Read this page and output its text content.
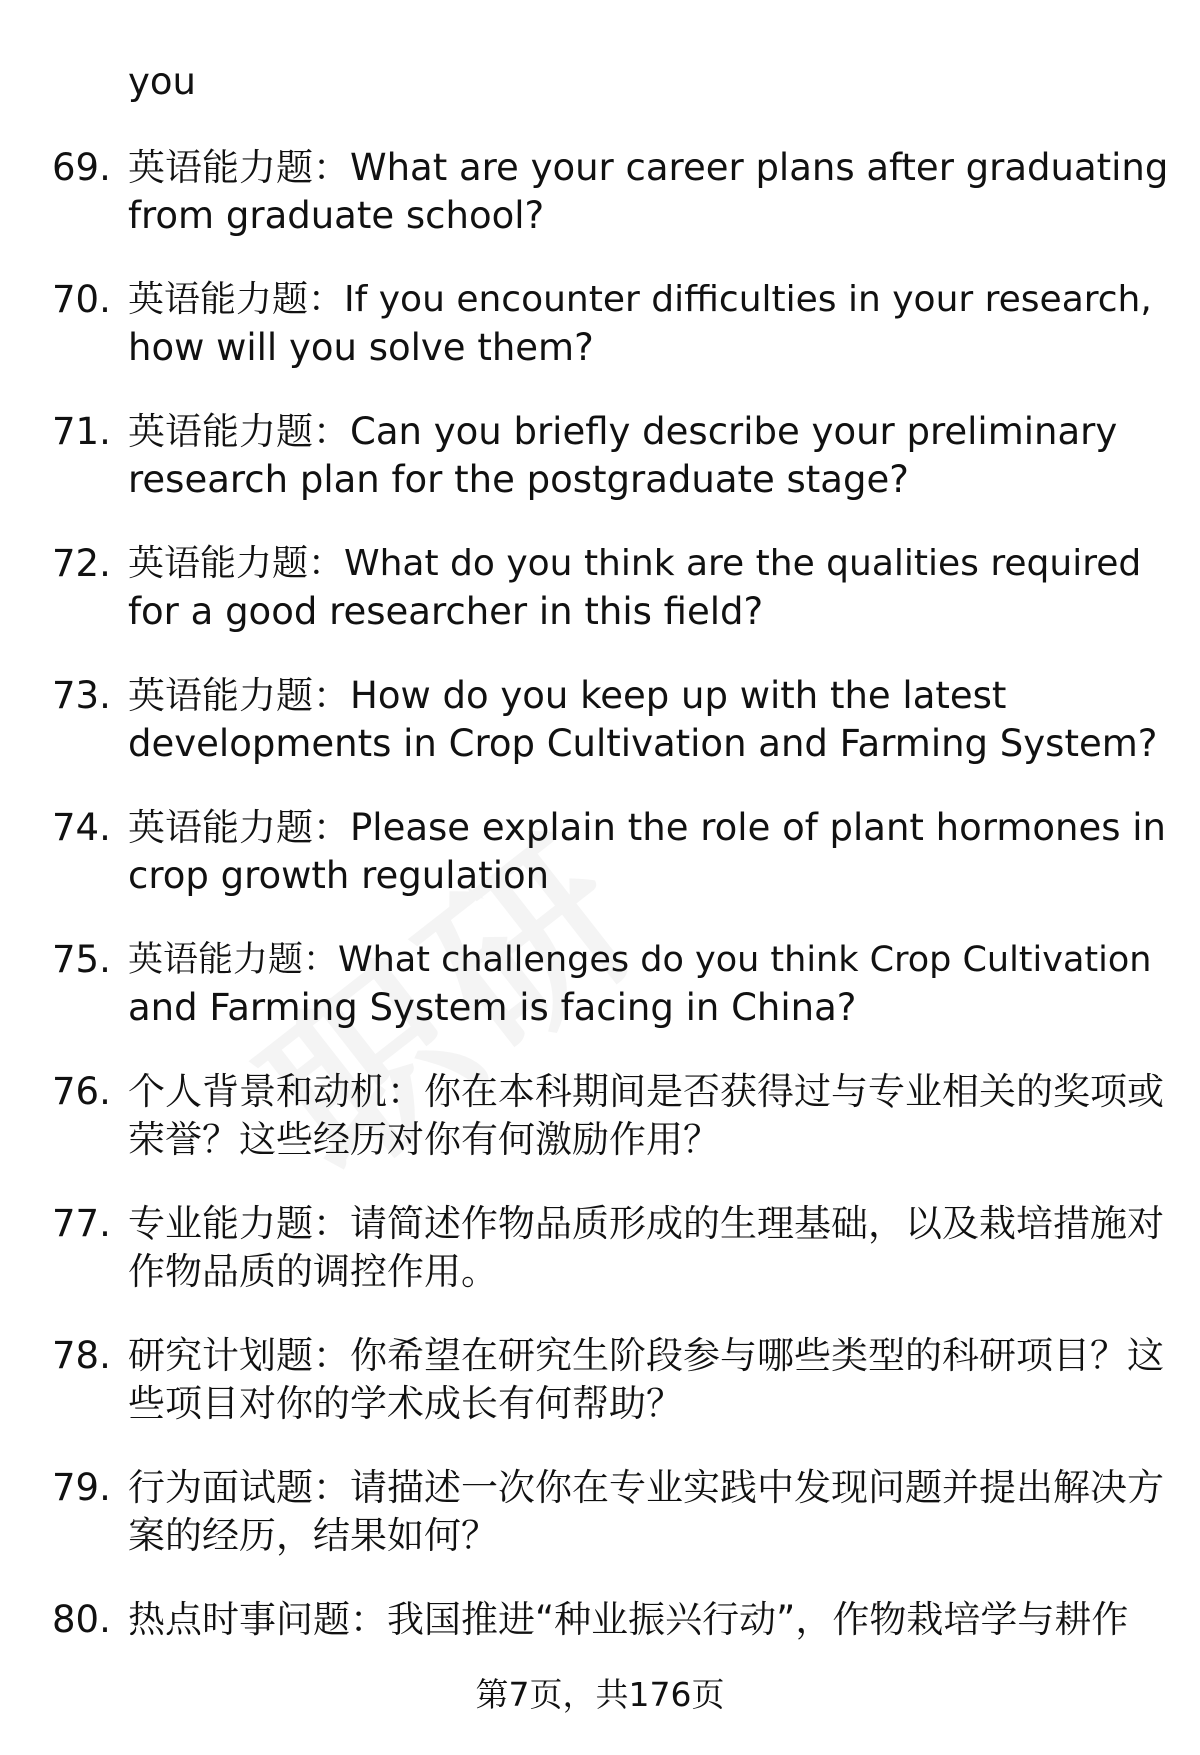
you
69. 英语能力题：What are your career plans after graduating
from graduate school?
70. 英语能力题：If you encounter difficulties in your research,
how will you solve them?
71. 英语能力题：Can you briefly describe your preliminary
research plan for the postgraduate stage?
72. 英语能力题：What do you think are the qualities required
for a good researcher in this field?
73. 英语能力题：How do you keep up with the latest
developments in Crop Cultivation and Farming System?
74. 英语能力题：Please explain the role of plant hormones in
crop growth regulation
75. 英语能力题：What challenges do you think Crop Cultivation
and Farming System is facing in China?
76. 个人背景和动机：你在本科期间是否获得过与专业相关的奖项或
荣誉？这些经历对你有何激励作用？
77. 专业能力题：请简述作物品质形成的生理基础，以及栽培措施对
作物品质的调控作用。
78. 研究计划题：你希望在研究生阶段参与哪些类型的科研项目？这
些项目对你的学术成长有何帮助？
79. 行为面试题：请描述一次你在专业实践中发现问题并提出解决方
案的经历，结果如何？
80. 热点时事问题：我国推进“种业振兴行动”，作物栽培学与耕作
第7页，共176页
